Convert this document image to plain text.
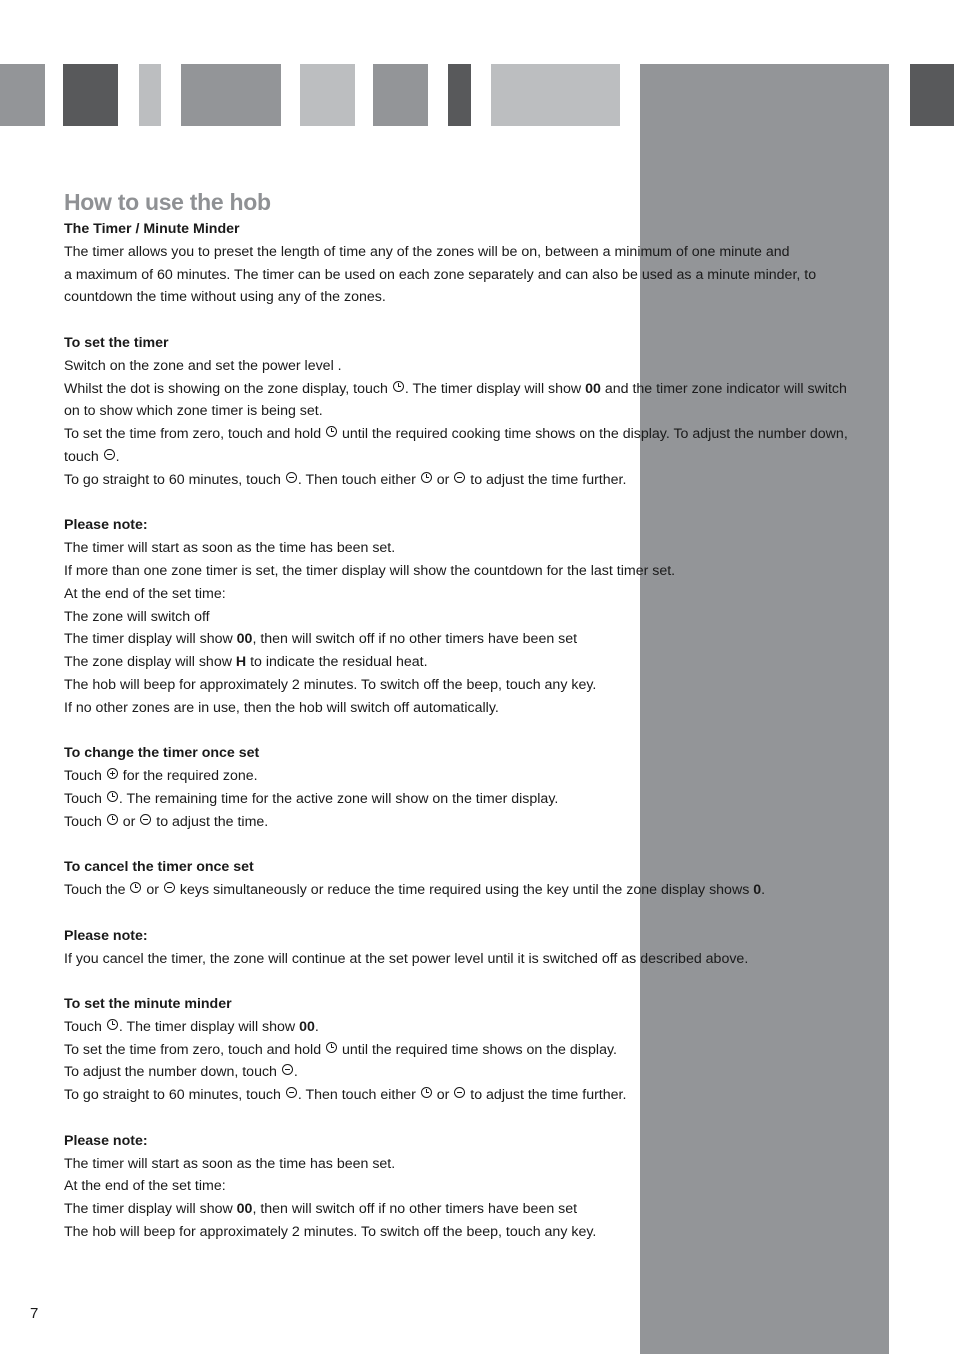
How to use the hob
The Timer / Minute Minder
The timer allows you to preset the length of time any of the zones will be on, between a minimum of one minute and
a maximum of 60 minutes. The timer can be used on each zone separately and can also be used as a minute minder, to
countdown the time without using any of the zones.
To set the timer
Switch on the zone and set the power level .
Whilst the dot is showing on the zone display, touch . The timer display will show 00 and the timer zone indicator will switch
on to show which zone timer is being set.
To set the time from zero, touch and hold  until the required cooking time shows on the display. To adjust the number down,
touch .
To go straight to 60 minutes, touch . Then touch either  or  to adjust the time further.
Please note:
The timer will start as soon as the time has been set.
If more than one zone timer is set, the timer display will show the countdown for the last timer set.
At the end of the set time:
The zone will switch off
The timer display will show 00, then will switch off if no other timers have been set
The zone display will show H to indicate the residual heat.
The hob will beep for approximately 2 minutes. To switch off the beep, touch any key.
If no other zones are in use, then the hob will switch off automatically.
To change the timer once set
Touch  for the required zone.
Touch . The remaining time for the active zone will show on the timer display.
Touch  or  to adjust the time.
To cancel the timer once set
Touch the  or  keys simultaneously or reduce the time required using the key until the zone display shows 0.
Please note:
If you cancel the timer, the zone will continue at the set power level until it is switched off as described above.
To set the minute minder
Touch . The timer display will show 00.
To set the time from zero, touch and hold  until the required time shows on the display.
To adjust the number down, touch .
To go straight to 60 minutes, touch . Then touch either  or  to adjust the time further.
Please note:
The timer will start as soon as the time has been set.
At the end of the set time:
The timer display will show 00, then will switch off if no other timers have been set
The hob will beep for approximately 2 minutes. To switch off the beep, touch any key.
7
